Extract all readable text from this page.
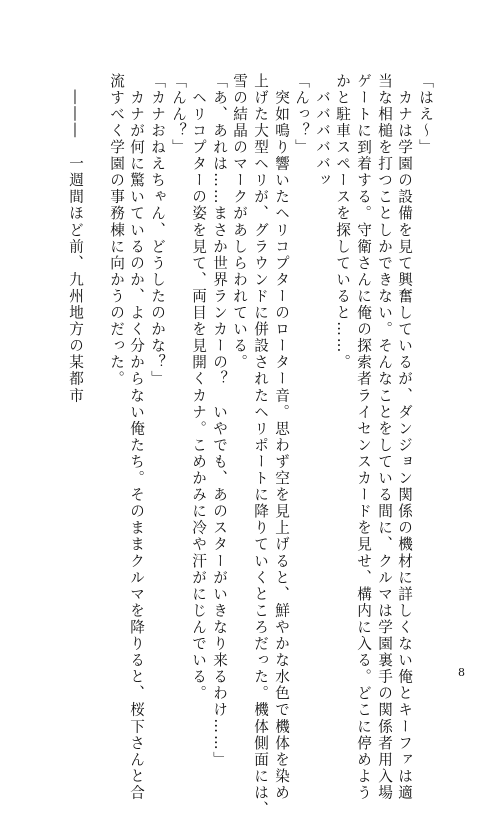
「はえ〜」
　カナは学園の設備を見て興奮しているが、ダンジョン関係の機材に詳しくない俺とキーファは適
当な相槌を打つことしかできない。そんなことをしている間に、クルマは学園裏手の関係者用入場
ゲートに到着する。守衛さんに俺の探索者ライセンスカードを見せ、構内に入る。どこに停めよう
かと駐車スペースを探していると……。
　バババババッ
「んっ？」
　突如鳴り響いたヘリコプターのローター音。思わず空を見上げると、鮮やかな水色で機体を染め
上げた大型ヘリが、グラウンドに併設されたヘリポートに降りていくところだった。機体側面には、
雪の結晶のマークがあしらわれている。
「あ、あれは……まさか世界ランカーの？　いやでも、あのスターがいきなり来るわけ……」
　ヘリコプターの姿を見て、両目を見開くカナ。こめかみに冷や汗がにじんでいる。
「んん？」
「カナおねえちゃん、どうしたのかな？」
　カナが何に驚いているのか、よく分からない俺たち。そのままクルマを降りると、桜下さんと合
流すべく学園の事務棟に向かうのだった。
　―――　一週間ほど前、九州地方の某都市
8
